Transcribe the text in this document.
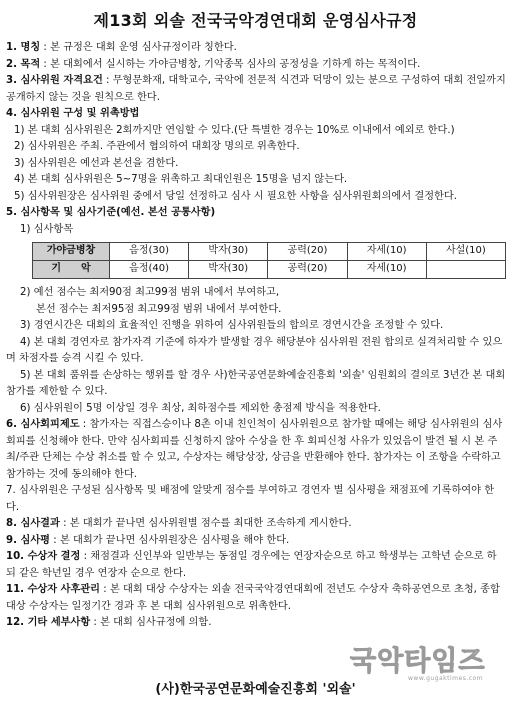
제13회 외솔 전국국악경연대회 운영심사규정

1. 명칭 : 본 규정은 대회 운영 심사규정이라 칭한다.

2. 목적 : 본 대회에서 실시하는 가야금병창, 기악종목 심사의 공정성을 기하게 하는 목적이다.

3. 심사위원 자격요건 : 무형문화재, 대학교수, 국악에 전문적 식견과 덕망이 있는 분으로 구성하여 대회 전일까지 공개하지 않는 것을 원칙으로 한다.

4. 심사위원 구성 및 위촉방법

1) 본 대회 심사위원은 2회까지만 연임할 수 있다.(단 특별한 경우는 10%로 이내에서 예외로 한다.)

2) 심사위원은 주최. 주관에서 협의하여 대회장 명의로 위촉한다.

3) 심사위원은 예선과 본선을 겸한다.

4) 본 대회 심사위원은 5~7명을 위촉하고 최대인원은 15명을 넘지 않는다.

5) 심사위원장은 심사위원 중에서 당일 선정하고 심사 시 필요한 사항을 심사위원회의에서 결정한다.

5. 심사항목 및 심사기준(예선. 본선 공통사항)

1) 심사항목

가야금병창	음정(30)	박자(30)	공력(20)	자세(10)	사설(10)
기　　악	음정(40)	박자(30)	공력(20)	자세(10)	

2) 예선 점수는 최저90점 최고99점 범위 내에서 부여하고,

본선 점수는 최저95점 최고99점 범위 내에서 부여한다.

3) 경연시간은 대회의 효율적인 진행을 위하여 심사위원들의 합의로 경연시간을 조정할 수 있다.

4) 본 대회 경연자로 참가자격 기준에 하자가 발생할 경우 해당분야 심사위원 전원 합의로 실격처리할 수 있으며 차점자를 승격 시킬 수 있다.

5) 본 대회 품위를 손상하는 행위를 할 경우 사)한국공연문화예술진흥회 '외솔' 임원회의 결의로 3년간 본 대회 참가를 제한할 수 있다.

6) 심사위원이 5명 이상일 경우 최상, 최하점수를 제외한 총점제 방식을 적용한다.

6. 심사회피제도 : 참가자는 직접스승이나 8촌 이내 친인척이 심사위원으로 참가할 때에는 해당 심사위원의 심사회피를 신청해야 한다. 만약 심사회피를 신청하지 않아 수상을 한 후 회피신청 사유가 있었음이 발견 될 시 본 주최/주관 단체는 수상 취소를 할 수 있고, 수상자는 해당상장, 상금을 반환해야 한다. 참가자는 이 조항을 수락하고 참가하는 것에 동의해야 한다.

7. 심사위원은 구성된 심사항목 및 배점에 알맞게 점수를 부여하고 경연자 별 심사평을 채점표에 기록하여야 한다.

8. 심사결과 : 본 대회가 끝나면 심사위원별 점수를 최대한 조속하게 게시한다.

9. 심사평 : 본 대회가 끝나면 심사위원장은 심사평을 해야 한다.

10. 수상자 결정 : 채점결과 신인부와 일반부는 동점일 경우에는 연장자순으로 하고 학생부는 고학년 순으로 하되 같은 학년일 경우 연장자 순으로 한다.

11. 수상자 사후관리 : 본 대회 대상 수상자는 외솔 전국국악경연대회에 전년도 수상자 축하공연으로 초청, 종합대상 수상자는 일정기간 경과 후 본 대회 심사위원으로 위촉한다.

12. 기타 세부사항 : 본 대회 심사규정에 의함.

국악타임즈
www.gugaktimes.com
(사)한국공연문화예술진흥회 '외솔'
